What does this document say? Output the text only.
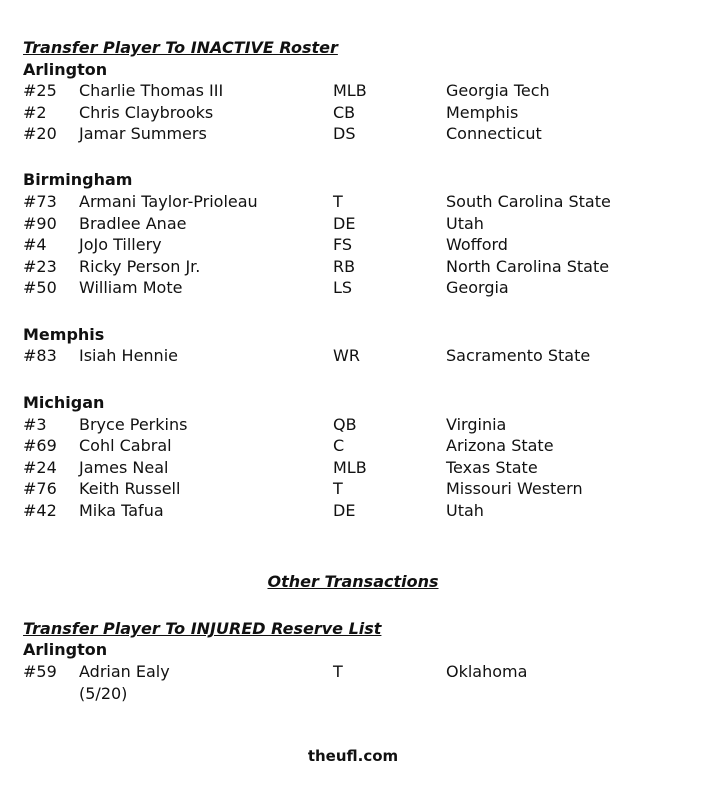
Transfer Player To INACTIVE Roster
Arlington
#25 Charlie Thomas III	MLB	Georgia Tech
#2 Chris Claybrooks	CB	Memphis
#20 Jamar Summers	DS	Connecticut
Birmingham
#73 Armani Taylor-Prioleau	T	South Carolina State
#90 Bradlee Anae	DE	Utah
#4 JoJo Tillery	FS	Wofford
#23 Ricky Person Jr.	RB	North Carolina State
#50 William Mote	LS	Georgia
Memphis
#83 Isiah Hennie	WR	Sacramento State
Michigan
#3 Bryce Perkins	QB	Virginia
#69 Cohl Cabral	C	Arizona State
#24 James Neal	MLB	Texas State
#76 Keith Russell	T	Missouri Western
#42 Mika Tafua	DE	Utah
Other Transactions
Transfer Player To INJURED Reserve List
Arlington
#59 Adrian Ealy	T	Oklahoma
(5/20)
theufl.com
